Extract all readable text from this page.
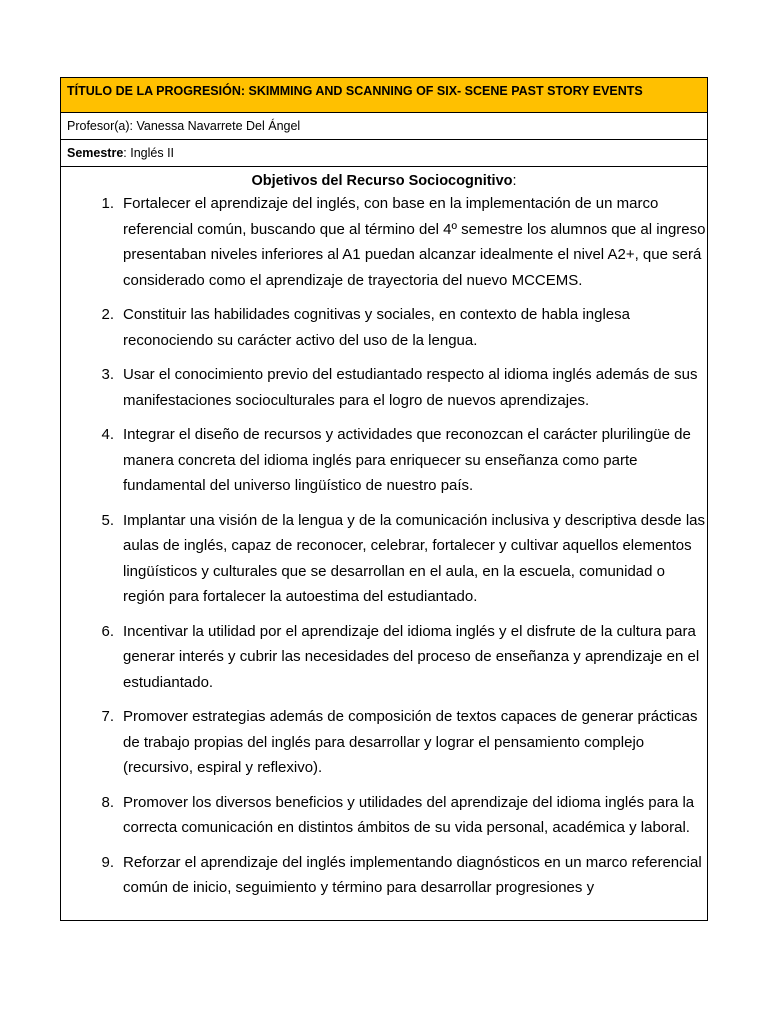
TÍTULO DE LA PROGRESIÓN: SKIMMING AND SCANNING OF SIX- SCENE PAST STORY EVENTS
Profesor(a): Vanessa Navarrete Del Ángel
Semestre: Inglés II
Objetivos del Recurso Sociocognitivo:
1. Fortalecer el aprendizaje del inglés, con base en la implementación de un marco referencial común, buscando que al término del 4º semestre los alumnos que al ingreso presentaban niveles inferiores al A1 puedan alcanzar idealmente el nivel A2+, que será considerado como el aprendizaje de trayectoria del nuevo MCCEMS.
2. Constituir las habilidades cognitivas y sociales, en contexto de habla inglesa reconociendo su carácter activo del uso de la lengua.
3. Usar el conocimiento previo del estudiantado respecto al idioma inglés además de sus manifestaciones socioculturales para el logro de nuevos aprendizajes.
4. Integrar el diseño de recursos y actividades que reconozcan el carácter plurilingüe de manera concreta del idioma inglés para enriquecer su enseñanza como parte fundamental del universo lingüístico de nuestro país.
5. Implantar una visión de la lengua y de la comunicación inclusiva y descriptiva desde las aulas de inglés, capaz de reconocer, celebrar, fortalecer y cultivar aquellos elementos lingüísticos y culturales que se desarrollan en el aula, en la escuela, comunidad o región para fortalecer la autoestima del estudiantado.
6. Incentivar la utilidad por el aprendizaje del idioma inglés y el disfrute de la cultura para generar interés y cubrir las necesidades del proceso de enseñanza y aprendizaje en el estudiantado.
7. Promover estrategias además de composición de textos capaces de generar prácticas de trabajo propias del inglés para desarrollar y lograr el pensamiento complejo (recursivo, espiral y reflexivo).
8. Promover los diversos beneficios y utilidades del aprendizaje del idioma inglés para la correcta comunicación en distintos ámbitos de su vida personal, académica y laboral.
9. Reforzar el aprendizaje del inglés implementando diagnósticos en un marco referencial común de inicio, seguimiento y término para desarrollar progresiones y
